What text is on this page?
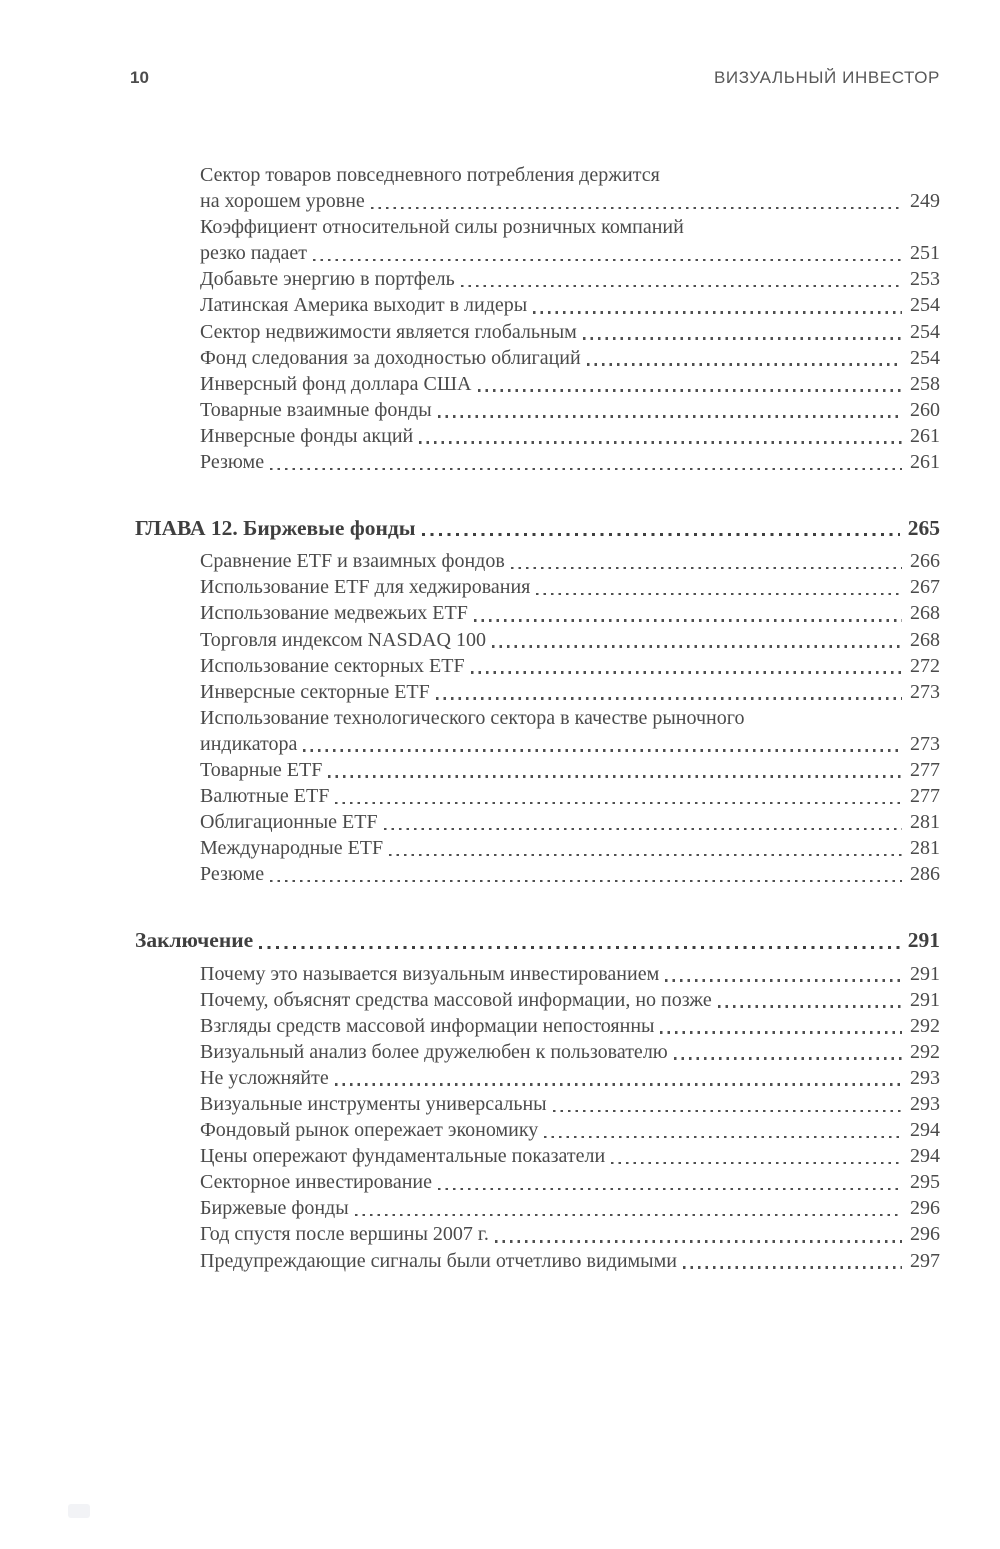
10	ВИЗУАЛЬНЫЙ ИНВЕСТОР
Сектор товаров повседневного потребления держится
на хорошем уровне	249
Коэффициент относительной силы розничных компаний
резко падает	251
Добавьте энергию в портфель	253
Латинская Америка выходит в лидеры	254
Сектор недвижимости является глобальным	254
Фонд следования за доходностью облигаций	254
Инверсный фонд доллара США	258
Товарные взаимные фонды	260
Инверсные фонды акций	261
Резюме	261
ГЛАВА 12. Биржевые фонды	265
Сравнение ETF и взаимных фондов	266
Использование ETF для хеджирования	267
Использование медвежьих ETF	268
Торговля индексом NASDAQ 100	268
Использование секторных ETF	272
Инверсные секторные ETF	273
Использование технологического сектора в качестве рыночного
индикатора	273
Товарные ETF	277
Валютные ETF	277
Облигационные ETF	281
Международные ETF	281
Резюме	286
Заключение	291
Почему это называется визуальным инвестированием	291
Почему, объяснят средства массовой информации, но позже	291
Взгляды средств массовой информации непостоянны	292
Визуальный анализ более дружелюбен к пользователю	292
Не усложняйте	293
Визуальные инструменты универсальны	293
Фондовый рынок опережает экономику	294
Цены опережают фундаментальные показатели	294
Секторное инвестирование	295
Биржевые фонды	296
Год спустя после вершины 2007 г.	296
Предупреждающие сигналы были отчетливо видимыми	297
